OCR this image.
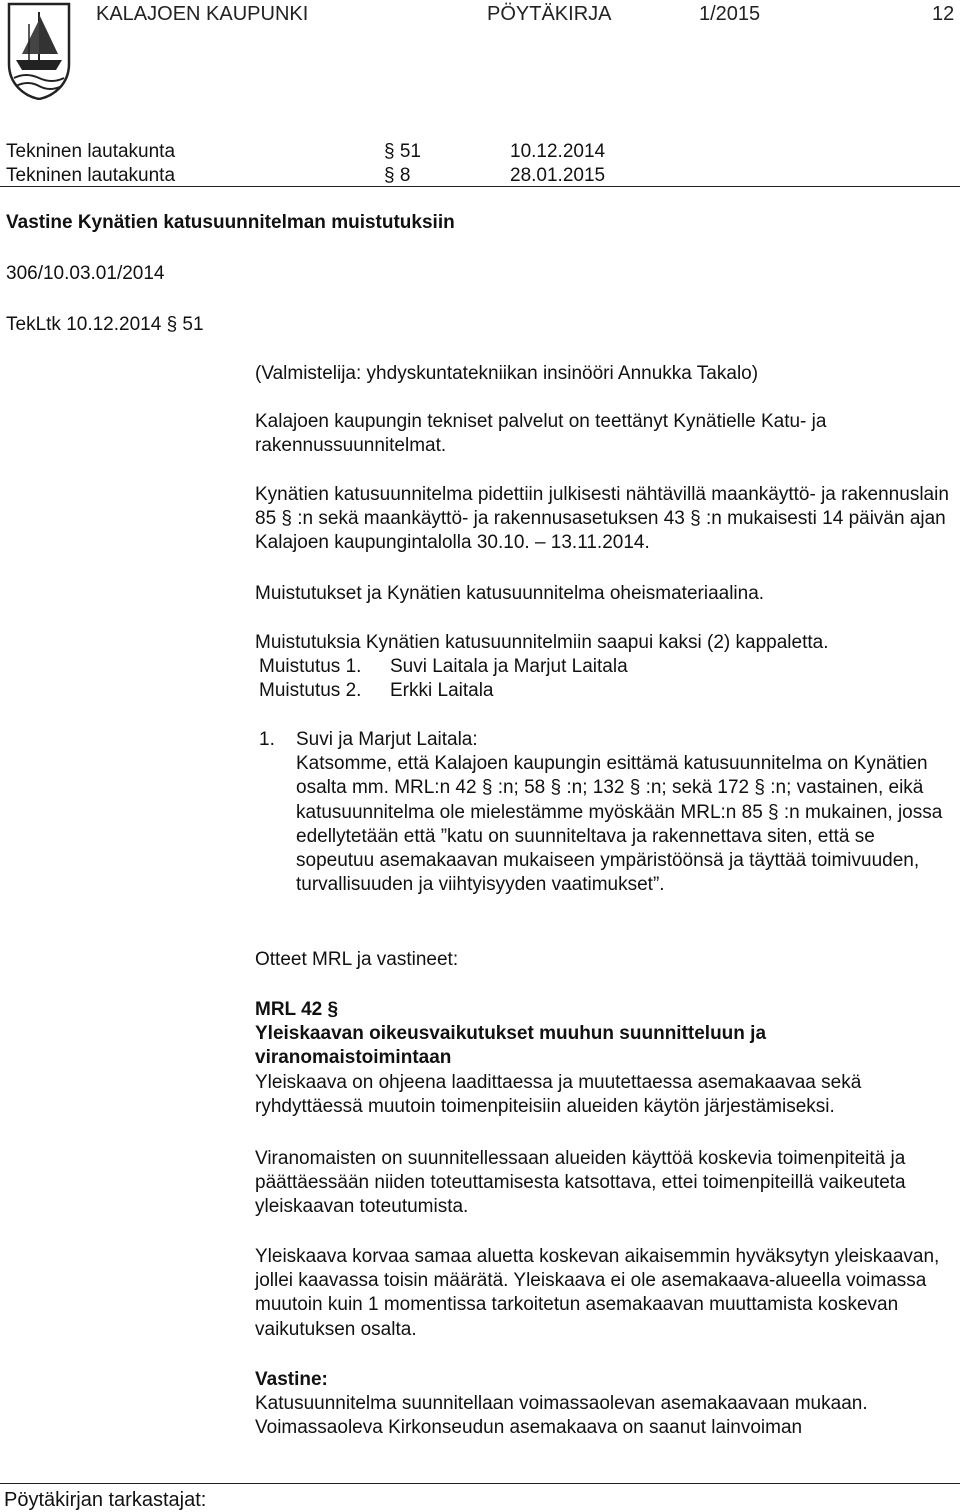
KALAJOEN KAUPUNKI	PÖYTÄKIRJA	1/2015	12
Tekninen lautakunta	§ 51	10.12.2014
Tekninen lautakunta	§ 8	28.01.2015
Vastine Kynätien katusuunnitelman muistutuksiin
306/10.03.01/2014
TekLtk 10.12.2014 § 51
(Valmistelija: yhdyskuntatekniikan insinööri Annukka Takalo)
Kalajoen kaupungin tekniset palvelut on teettänyt Kynätielle Katu- ja rakennussuunnitelmat.
Kynätien katusuunnitelma pidettiin julkisesti nähtävillä maankäyttö- ja rakennuslain 85 § :n sekä maankäyttö- ja rakennusasetuksen 43 § :n mukaisesti 14 päivän ajan Kalajoen kaupungintalolla 30.10. – 13.11.2014.
Muistutukset ja Kynätien katusuunnitelma oheismateriaalina.
Muistutuksia Kynätien katusuunnitelmiin saapui kaksi (2) kappaletta.
Muistutus 1. Suvi Laitala ja Marjut Laitala
Muistutus 2. Erkki Laitala
1. Suvi ja Marjut Laitala:
Katsomme, että Kalajoen kaupungin esittämä katusuunnitelma on Kynätien osalta mm. MRL:n 42 § :n; 58 § :n; 132 § :n; sekä 172 § :n; vastainen, eikä katusuunnitelma ole mielestämme myöskään MRL:n 85 § :n mukainen, jossa edellytetään että ”katu on suunniteltava ja rakennettava siten, että se sopeutuu asemakaavan mukaiseen ympäristöönsä ja täyttää toimivuuden, turvallisuuden ja viihtyisyyden vaatimukset”.
Otteet MRL ja vastineet:

MRL 42 §

Yleiskaavan oikeusvaikutukset muuhun suunnitteluun ja viranomaistoimintaan

Yleiskaava on ohjeena laadittaessa ja muutettaessa asemakaavaa sekä ryhdyttäessä muutoin toimenpiteisiin alueiden käytön järjestämiseksi.

Viranomaisten on suunnitellessaan alueiden käyttöä koskevia toimenpiteitä ja päättäessään niiden toteuttamisesta katsottava, ettei toimenpiteillä vaikeuteta yleiskaavan toteutumista.
Yleiskaava korvaa samaa aluetta koskevan aikaisemmin hyväksytyn yleiskaavan, jollei kaavassa toisin määrätä. Yleiskaava ei ole asemakaava-alueella voimassa muutoin kuin 1 momentissa tarkoitetun asemakaavan muuttamista koskevan vaikutuksen osalta.

Vastine:

Katusuunnitelma suunnitellaan voimassaolevan asemakaavaan mukaan.

Voimassaoleva Kirkonseudun asemakaava on saanut lainvoiman

Pöytäkirjan tarkastajat:
